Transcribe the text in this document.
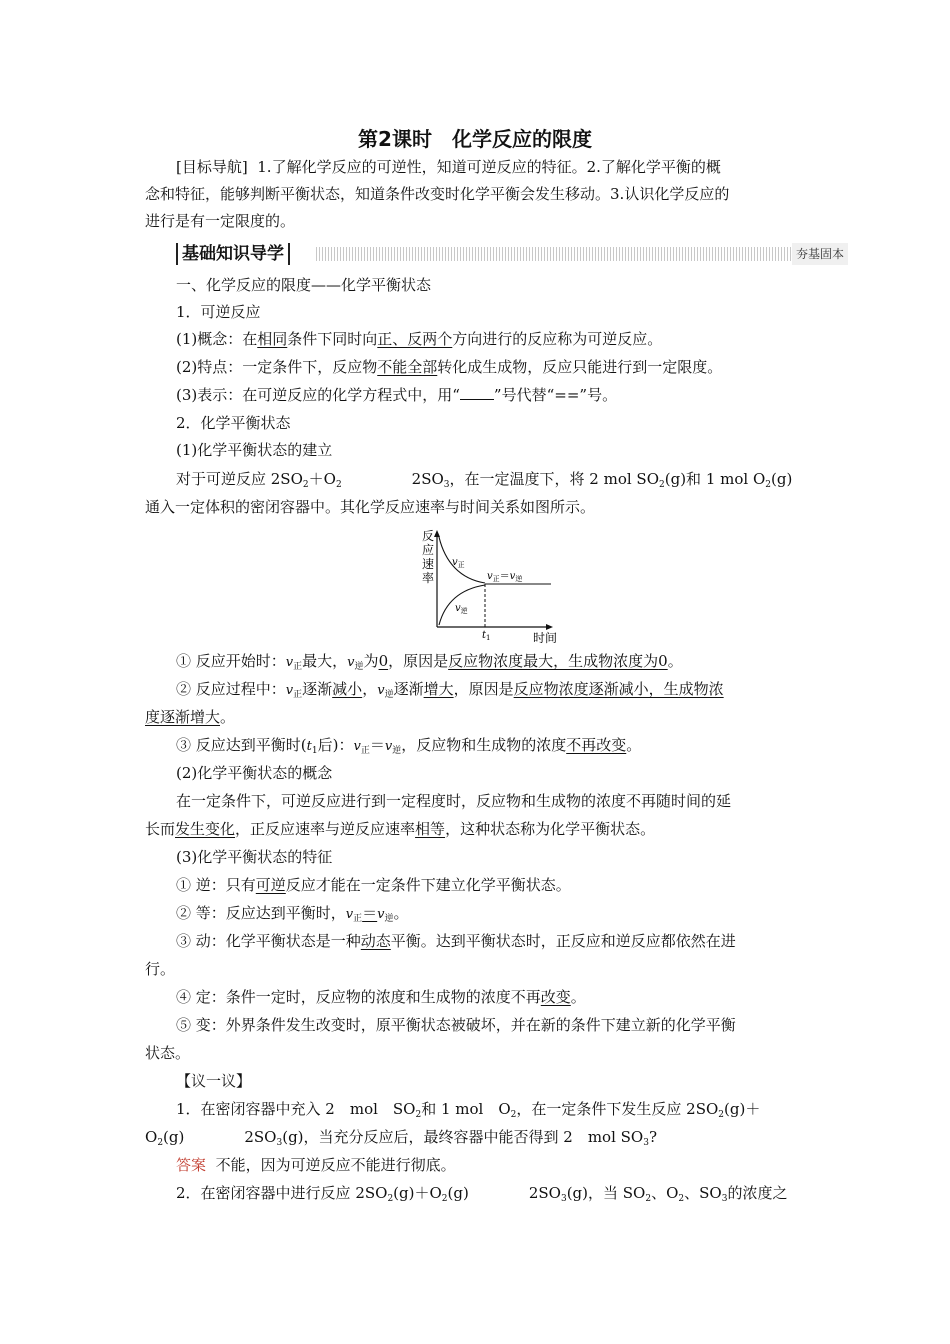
第2课时　化学反应的限度
[目标导航] 1.了解化学反应的可逆性，知道可逆反应的特征。2.了解化学平衡的概
念和特征，能够判断平衡状态，知道条件改变时化学平衡会发生移动。3.认识化学反应的
进行是有一定限度的。
基础知识导学	夯基固本
一、化学反应的限度——化学平衡状态
1．可逆反应
(1)概念：在相同条件下同时向正、反两个方向进行的反应称为可逆反应。
(2)特点：一定条件下，反应物不能全部转化成生成物，反应只能进行到一定限度。
(3)表示：在可逆反应的化学方程式中，用“ ”号代替“==”号。
2．化学平衡状态
(1)化学平衡状态的建立
对于可逆反应 $2SO_2+O_2$	$2SO_3$，在一定温度下，将 2 mol $SO_2(g)$和 1 mol $O_2(g)$
通入一定体积的密闭容器中。其化学反应速率与时间关系如图所示。
反
应
速
率
$v_正$
$v_逆$
$v_正=v_逆$
$t_1$	时间
① 反应开始时：$v_正$最大，$v_逆$为0，原因是反应物浓度最大，生成物浓度为0。
② 反应过程中：$v_正$逐渐减小，$v_逆$逐渐增大，原因是反应物浓度逐渐减小，生成物浓
度逐渐增大。
③ 反应达到平衡时($t_1$后)：$v_正=v_逆$，反应物和生成物的浓度不再改变。
(2)化学平衡状态的概念
在一定条件下，可逆反应进行到一定程度时，反应物和生成物的浓度不再随时间的延
长而发生变化，正反应速率与逆反应速率相等，这种状态称为化学平衡状态。
(3)化学平衡状态的特征
① 逆：只有可逆反应才能在一定条件下建立化学平衡状态。
② 等：反应达到平衡时，$v_正=v_逆$。
③ 动：化学平衡状态是一种动态平衡。达到平衡状态时，正反应和逆反应都依然在进
行。
④ 定：条件一定时，反应物的浓度和生成物的浓度不再改变。
⑤ 变：外界条件发生改变时，原平衡状态被破坏，并在新的条件下建立新的化学平衡
状态。
【议一议】
1．在密闭容器中充入 2　mol　$SO_2$和 1 mol　$O_2$，在一定条件下发生反应 $2SO_2(g)+$
$O_2(g)$	$2SO_3(g)$，当充分反应后，最终容器中能否得到 2　mol $SO_3$?
答案 不能，因为可逆反应不能进行彻底。
2．在密闭容器中进行反应 $2SO_2(g)+O_2(g)$	$2SO_3(g)$，当 $SO_2$、$O_2$、$SO_3$的浓度之
